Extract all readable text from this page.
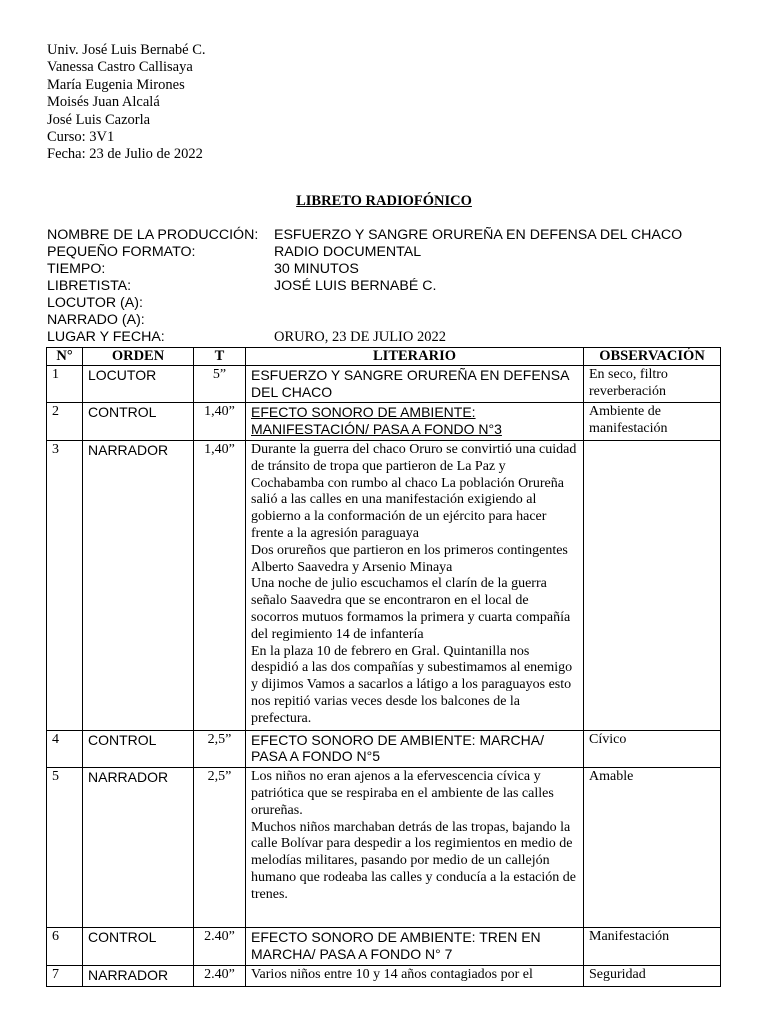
Univ. José Luis Bernabé C.
Vanessa Castro Callisaya
María Eugenia Mirones
Moisés Juan Alcalá
José Luis Cazorla
Curso: 3V1
Fecha: 23 de Julio de 2022
LIBRETO RADIOFÓNICO
NOMBRE DE LA PRODUCCIÓN:	ESFUERZO Y SANGRE ORUREÑA EN DEFENSA DEL CHACO
PEQUEÑO FORMATO:	RADIO DOCUMENTAL
TIEMPO:	30 MINUTOS
LIBRETISTA:	JOSÉ LUIS BERNABÉ C.
LOCUTOR (A):
NARRADO (A):
LUGAR Y FECHA:	ORURO, 23 DE JULIO 2022
N°	ORDEN	T	LITERARIO	OBSERVACIÓN
1	LOCUTOR	5”	ESFUERZO Y SANGRE ORUREÑA EN DEFENSA DEL CHACO	En seco, filtro reverberación
2	CONTROL	1,40”	EFECTO SONORO DE AMBIENTE: MANIFESTACIÓN/ PASA A FONDO N°3	Ambiente de manifestación
3	NARRADOR	1,40”	Durante la guerra del chaco Oruro se convirtió una cuidad de tránsito de tropa que partieron de La Paz y Cochabamba con rumbo al chaco La población Orureña salió a las calles en una manifestación exigiendo al gobierno a la conformación de un ejército para hacer frente a la agresión paraguaya
Dos orureños que partieron en los primeros contingentes Alberto Saavedra y Arsenio Minaya
Una noche de julio escuchamos el clarín de la guerra señalo Saavedra que se encontraron en el local de socorros mutuos formamos la primera y cuarta compañía del regimiento 14 de infantería
En la plaza 10 de febrero en Gral. Quintanilla nos despidió a las dos compañías y subestimamos al enemigo y dijimos Vamos a sacarlos a látigo a los paraguayos esto nos repitió varias veces desde los balcones de la prefectura.	

4	CONTROL	2,5”	EFECTO SONORO DE AMBIENTE: MARCHA/ PASA A FONDO N°5	Cívico
5	NARRADOR	2,5”	Los niños no eran ajenos a la efervescencia cívica y patriótica que se respiraba en el ambiente de las calles orureñas.
Muchos niños marchaban detrás de las tropas, bajando la calle Bolívar para despedir a los regimientos en medio de melodías militares, pasando por medio de un callejón humano que rodeaba las calles y conducía a la estación de trenes.	Amable
6	CONTROL	2.40”	EFECTO SONORO DE AMBIENTE: TREN EN MARCHA/ PASA A FONDO N° 7	Manifestación
7	NARRADOR	2.40”	Varios niños entre 10 y 14 años contagiados por el	Seguridad
